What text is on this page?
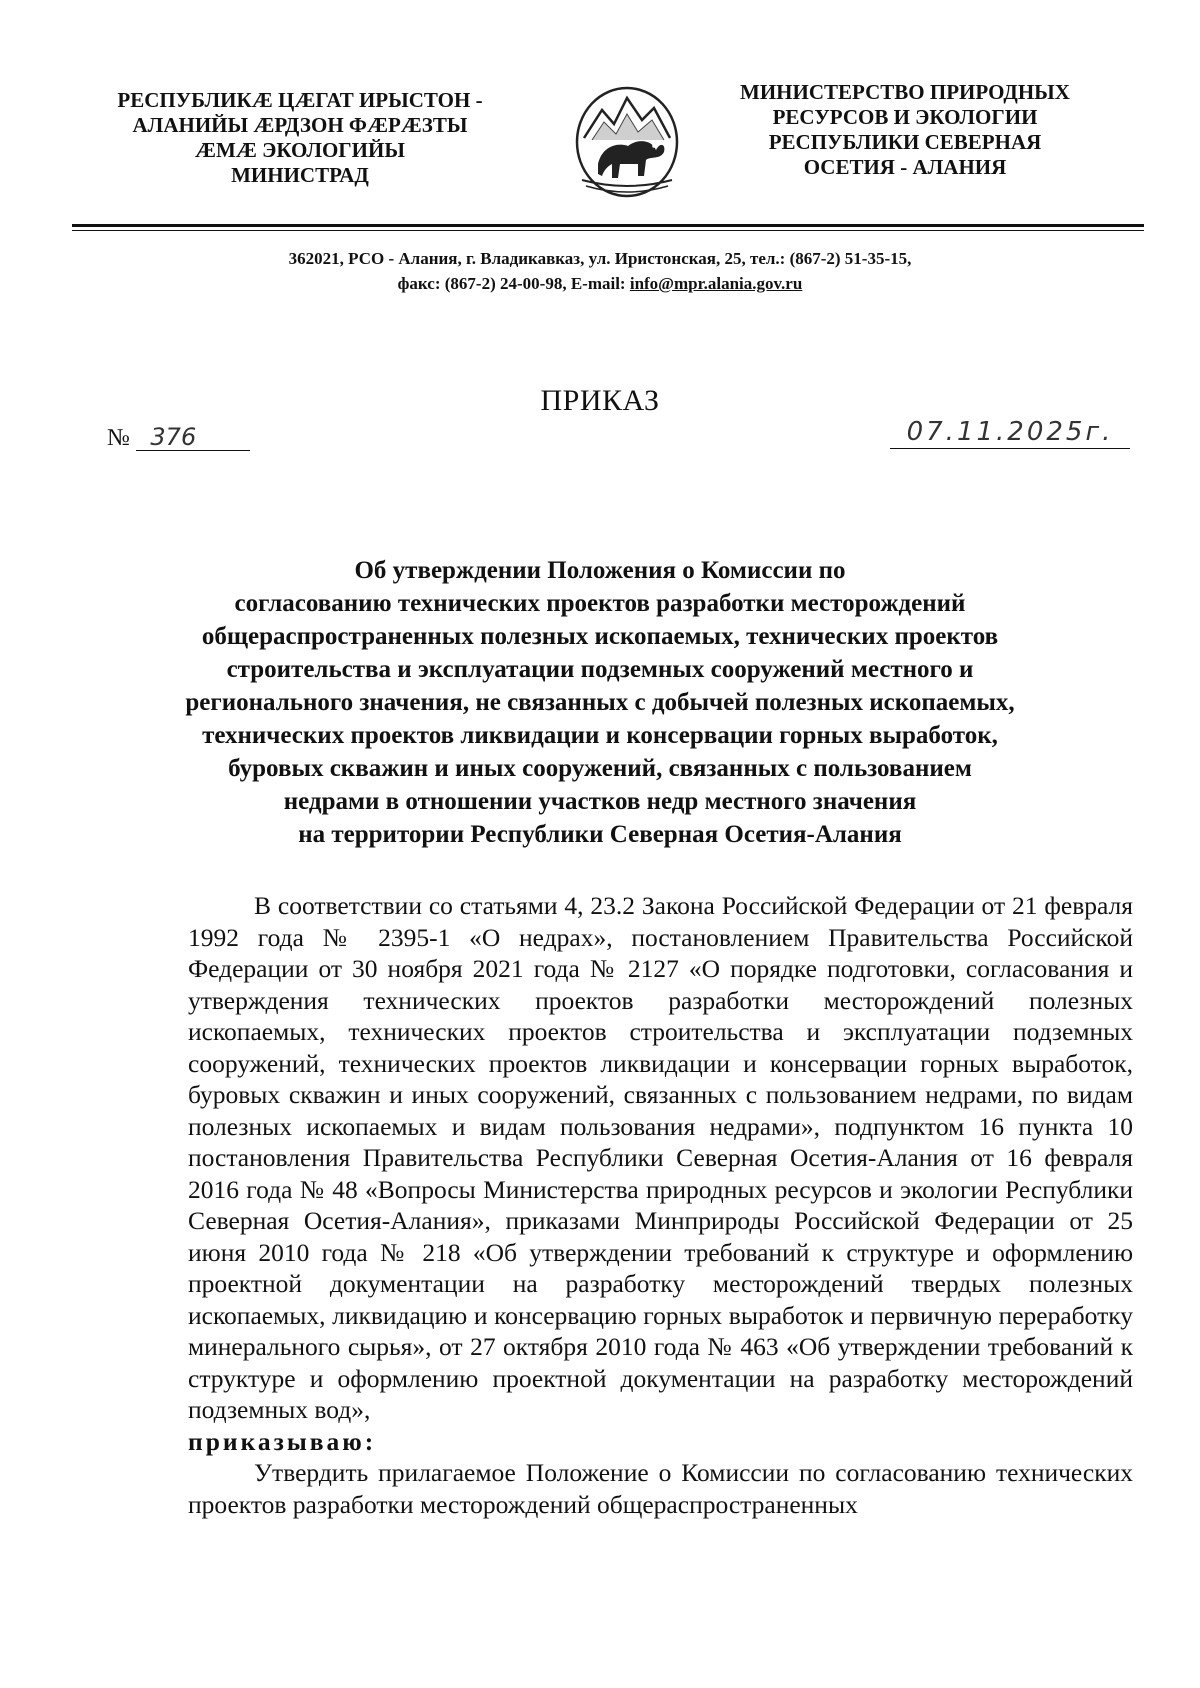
РЕСПУБЛИКÆ ЦÆГАТ ИРЫСТОН -
АЛАНИЙЫ ÆРДЗОН ФÆРÆЗТЫ
ÆМÆ ЭКОЛОГИЙЫ
МИНИСТРАД
МИНИСТЕРСТВО ПРИРОДНЫХ
РЕСУРСОВ И ЭКОЛОГИИ
РЕСПУБЛИКИ СЕВЕРНАЯ
ОСЕТИЯ - АЛАНИЯ
362021, РСО - Алания, г. Владикавказ, ул. Иристонская, 25, тел.: (867-2) 51-35-15,
факс: (867-2) 24-00-98, E-mail: info@mpr.alania.gov.ru
ПРИКАЗ
№ 376	07.11.2025г.
Об утверждении Положения о Комиссии по
согласованию технических проектов разработки месторождений
общераспространенных полезных ископаемых, технических проектов
строительства и эксплуатации подземных сооружений местного и
регионального значения, не связанных с добычей полезных ископаемых,
технических проектов ликвидации и консервации горных выработок,
буровых скважин и иных сооружений, связанных с пользованием
недрами в отношении участков недр местного значения
на территории Республики Северная Осетия-Алания

В соответствии со статьями 4, 23.2 Закона Российской Федерации от 21 февраля 1992 года № 2395-1 «О недрах», постановлением Правительства Российской Федерации от 30 ноября 2021 года № 2127 «О порядке подготовки, согласования и утверждения технических проектов разработки месторождений полезных ископаемых, технических проектов строительства и эксплуатации подземных сооружений, технических проектов ликвидации и консервации горных выработок, буровых скважин и иных сооружений, связанных с пользованием недрами, по видам полезных ископаемых и видам пользования недрами», подпунктом 16 пункта 10 постановления Правительства Республики Северная Осетия-Алания от 16 февраля 2016 года № 48 «Вопросы Министерства природных ресурсов и экологии Республики Северная Осетия-Алания», приказами Минприроды Российской Федерации от 25 июня 2010 года № 218 «Об утверждении требований к структуре и оформлению проектной документации на разработку месторождений твердых полезных ископаемых, ликвидацию и консервацию горных выработок и первичную переработку минерального сырья», от 27 октября 2010 года № 463 «Об утверждении требований к структуре и оформлению проектной документации на разработку месторождений подземных вод»,
приказываю:

Утвердить прилагаемое Положение о Комиссии по согласованию технических проектов разработки месторождений общераспространенных
